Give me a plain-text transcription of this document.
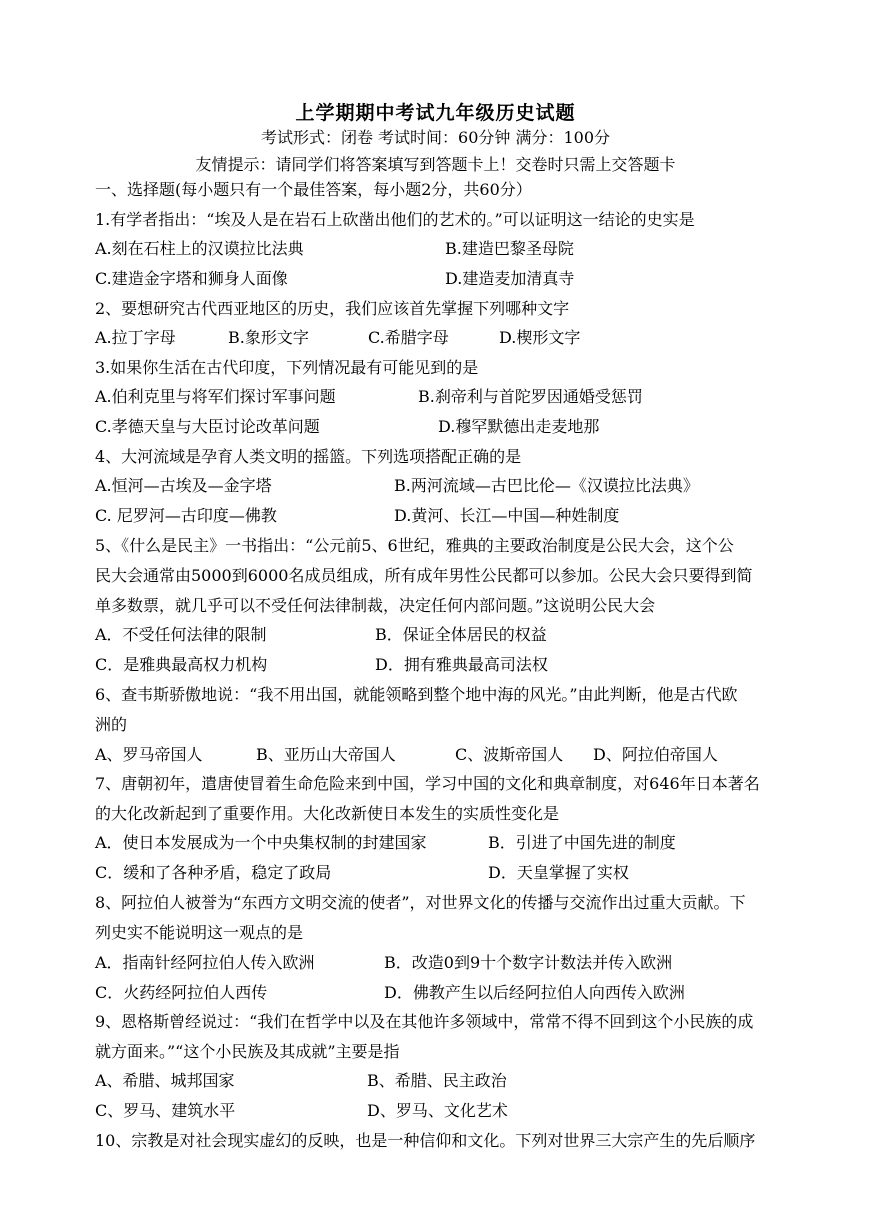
上学期期中考试九年级历史试题
考试形式：闭卷 考试时间：60分钟 满分：100分
友情提示：请同学们将答案填写到答题卡上！交卷时只需上交答题卡
一、选择题(每小题只有一个最佳答案，每小题2分，共60分）
1.有学者指出：“埃及人是在岩石上砍凿出他们的艺术的。”可以证明这一结论的史实是
A.刻在石柱上的汉谟拉比法典	B.建造巴黎圣母院
C.建造金字塔和狮身人面像	D.建造麦加清真寺
2、要想研究古代西亚地区的历史，我们应该首先掌握下列哪种文字
A.拉丁字母	B.象形文字	C.希腊字母	D.楔形文字
3.如果你生活在古代印度，下列情况最有可能见到的是
A.伯利克里与将军们探讨军事问题	B.刹帝利与首陀罗因通婚受惩罚
C.孝德天皇与大臣讨论改革问题	D.穆罕默德出走麦地那
4、大河流域是孕育人类文明的摇篮。下列选项搭配正确的是
A.恒河—古埃及—金字塔	B.两河流域—古巴比伦—《汉谟拉比法典》
C. 尼罗河—古印度—佛教	D.黄河、长江—中国—种姓制度
5、《什么是民主》一书指出：“公元前5、6世纪，雅典的主要政治制度是公民大会，这个公
民大会通常由5000到6000名成员组成，所有成年男性公民都可以参加。公民大会只要得到简
单多数票，就几乎可以不受任何法律制裁，决定任何内部问题。”这说明公民大会
A．不受任何法律的限制	B．保证全体居民的权益
C．是雅典最高权力机构	D．拥有雅典最高司法权
6、查韦斯骄傲地说：“我不用出国，就能领略到整个地中海的风光。”由此判断，他是古代欧
洲的
A、罗马帝国人	B、亚历山大帝国人	C、波斯帝国人 D、阿拉伯帝国人
7、唐朝初年，遣唐使冒着生命危险来到中国，学习中国的文化和典章制度，对646年日本著名
的大化改新起到了重要作用。大化改新使日本发生的实质性变化是
A．使日本发展成为一个中央集权制的封建国家	B．引进了中国先进的制度
C．缓和了各种矛盾，稳定了政局	D．天皇掌握了实权
8、阿拉伯人被誉为“东西方文明交流的使者”，对世界文化的传播与交流作出过重大贡献。下
列史实不能说明这一观点的是
A．指南针经阿拉伯人传入欧洲	B．改造0到9十个数字计数法并传入欧洲
C．火药经阿拉伯人西传	D．佛教产生以后经阿拉伯人向西传入欧洲
9、恩格斯曾经说过：“我们在哲学中以及在其他许多领域中，常常不得不回到这个小民族的成
就方面来。”“这个小民族及其成就”主要是指
A、希腊、城邦国家	B、希腊、民主政治
C、罗马、建筑水平	D、罗马、文化艺术
10、宗教是对社会现实虚幻的反映，也是一种信仰和文化。下列对世界三大宗产生的先后顺序
